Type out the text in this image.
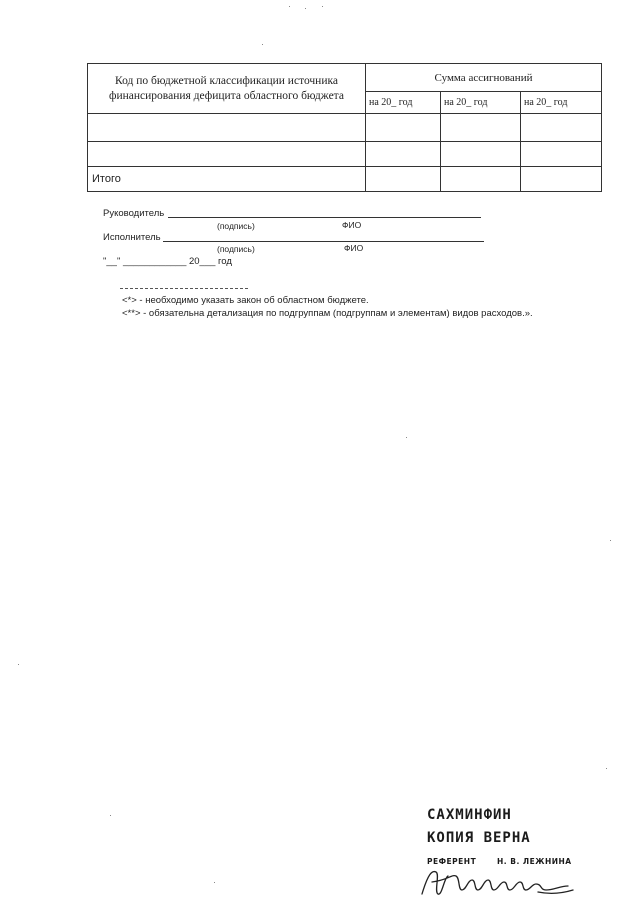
Код по бюджетной классификации источника финансирования дефицита областного бюджета	Сумма ассигнований		
	на 20_ год	на 20_ год	на 20_ год

Итого			
Руководитель
(подпись)	ФИО
Исполнитель
(подпись)	ФИО
"__" ____________ 20___ год
<*> - необходимо указать закон об областном бюджете.
<**> - обязательна детализация по подгруппам (подгруппам и элементам) видов расходов.».
САХМИНФИН
КОПИЯ ВЕРНА
РЕФЕРЕНТ	Н. В. ЛЕЖНИНА
